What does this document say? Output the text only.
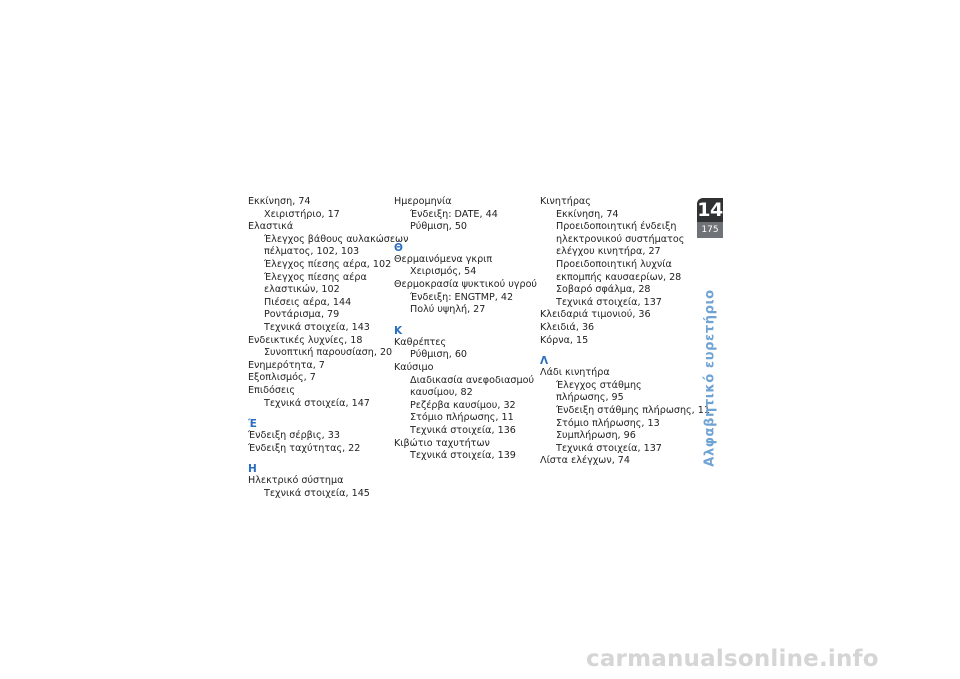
Εκκίνηση, 74
Χειριστήριο, 17
Ελαστικά
Έλεγχος βάθους αυλακώσεων
πέλματος, 102, 103
Έλεγχος πίεσης αέρα, 102
Έλεγχος πίεσης αέρα
ελαστικών, 102
Πιέσεις αέρα, 144
Ροντάρισμα, 79
Τεχνικά στοιχεία, 143
Ενδεικτικές λυχνίες, 18
Συνοπτική παρουσίαση, 20
Ενημερότητα, 7
Εξοπλισμός, 7
Επιδόσεις
Τεχνικά στοιχεία, 147
Έ
Ένδειξη σέρβις, 33
Ένδειξη ταχύτητας, 22
Η
Ηλεκτρικό σύστημα
Τεχνικά στοιχεία, 145
Ημερομηνία
Ένδειξη: DATE, 44
Ρύθμιση, 50
Θ
Θερμαινόμενα γκριπ
Χειρισμός, 54
Θερμοκρασία ψυκτικού υγρού
Ένδειξη: ENGTMP, 42
Πολύ υψηλή, 27
Κ
Καθρέπτες
Ρύθμιση, 60
Καύσιμο
Διαδικασία ανεφοδιασμού
καυσίμου, 82
Ρεζέρβα καυσίμου, 32
Στόμιο πλήρωσης, 11
Τεχνικά στοιχεία, 136
Κιβώτιο ταχυτήτων
Τεχνικά στοιχεία, 139
Κινητήρας
Εκκίνηση, 74
Προειδοποιητική ένδειξη
ηλεκτρονικού συστήματος
ελέγχου κινητήρα, 27
Προειδοποιητική λυχνία
εκπομπής καυσαερίων, 28
Σοβαρό σφάλμα, 28
Τεχνικά στοιχεία, 137
Κλειδαριά τιμονιού, 36
Κλειδιά, 36
Κόρνα, 15
Λ
Λάδι κινητήρα
Έλεγχος στάθμης
πλήρωσης, 95
Ένδειξη στάθμης πλήρωσης, 11
Στόμιο πλήρωσης, 13
Συμπλήρωση, 96
Τεχνικά στοιχεία, 137
Λίστα ελέγχων, 74
14
175
Αλφαβητικό ευρετήριο
carmanualsonline.info
